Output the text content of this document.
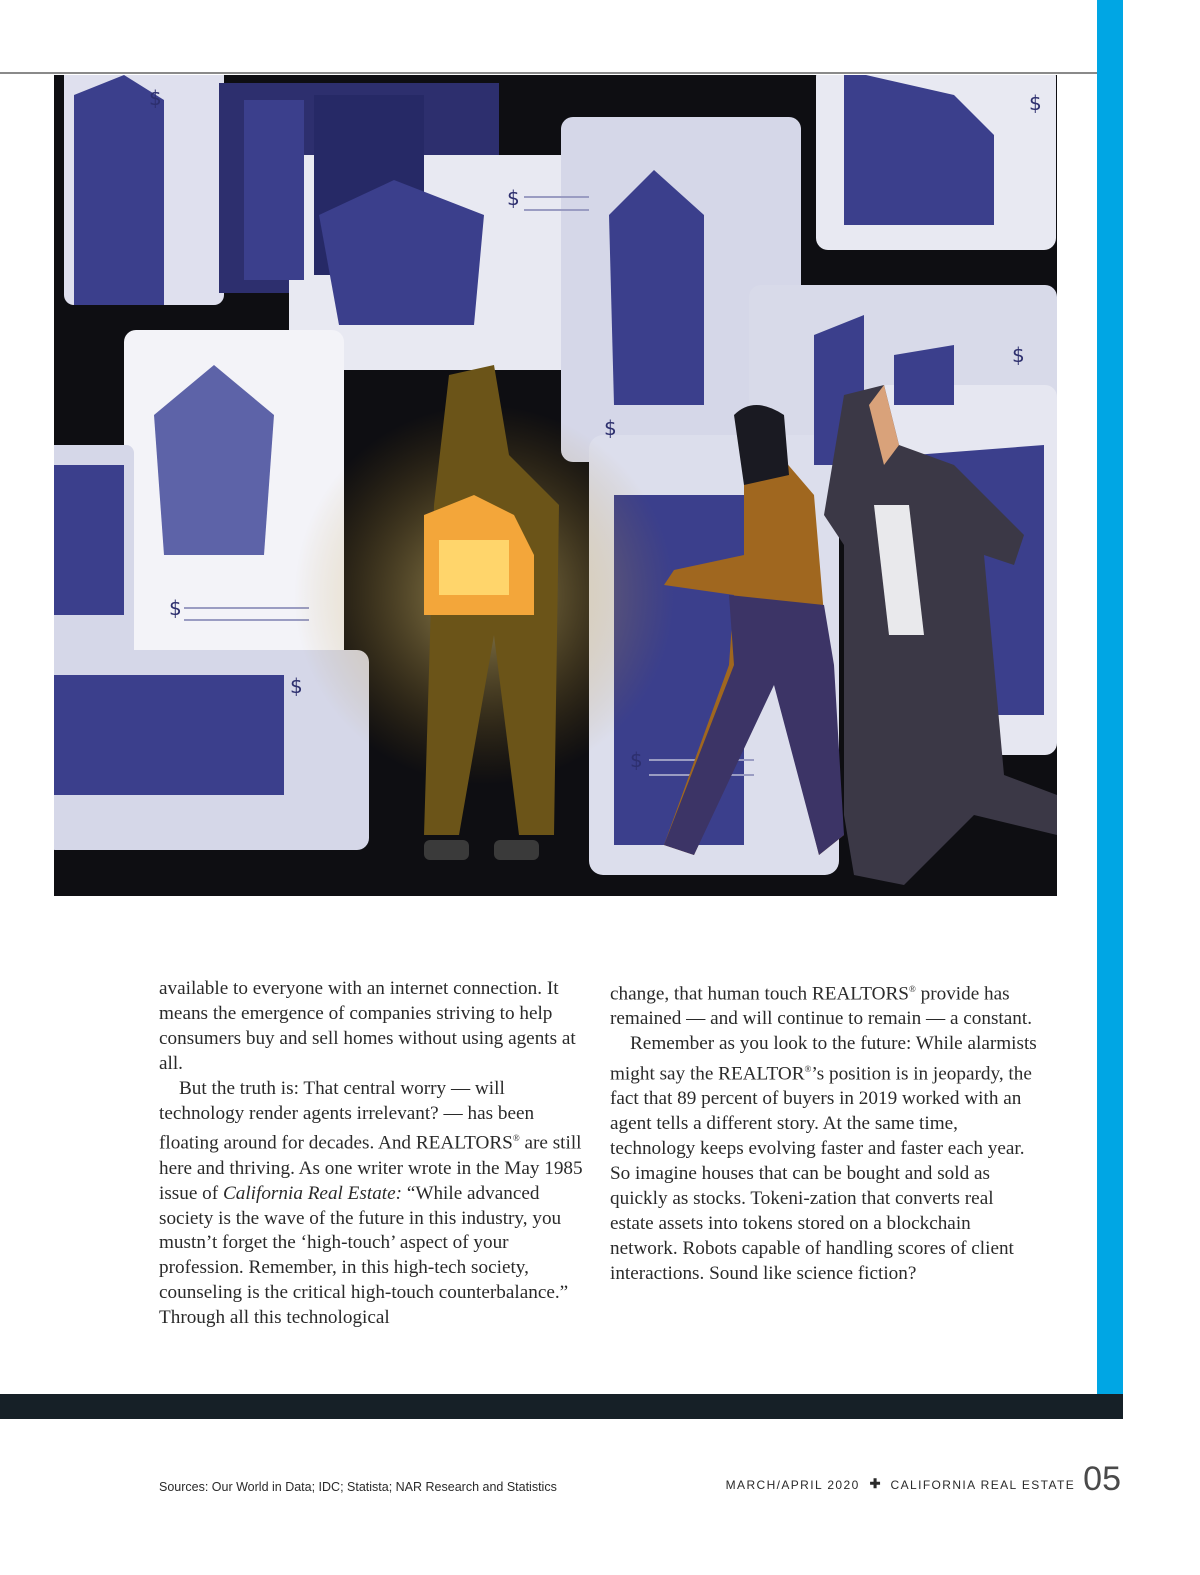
$
$
$
$
$
$
$
$

available to everyone with an internet connection. It means the emergence of companies striving to help consumers buy and sell homes without using agents at all.

But the truth is: That central worry — will technology render agents irrelevant? — has been floating around for decades. And REALTORS® are still here and thriving. As one writer wrote in the May 1985 issue of California Real Estate: “While advanced society is the wave of the future in this industry, you mustn’t forget the ‘high-touch’ aspect of your profession. Remember, in this high-tech society, counseling is the critical high-touch counterbalance.” Through all this technological

change, that human touch REALTORS® provide has remained — and will continue to remain — a constant.

Remember as you look to the future: While alarmists might say the REALTOR®’s position is in jeopardy, the fact that 89 percent of buyers in 2019 worked with an agent tells a different story. At the same time, technology keeps evolving faster and faster each year. So imagine houses that can be bought and sold as quickly as stocks. Tokeni-zation that converts real estate assets into tokens stored on a blockchain network. Robots capable of handling scores of client interactions. Sound like science fiction?

Sources: Our World in Data; IDC; Statista; NAR Research and Statistics	MARCH/APRIL 2020 ✚ CALIFORNIA REAL ESTATE 05
